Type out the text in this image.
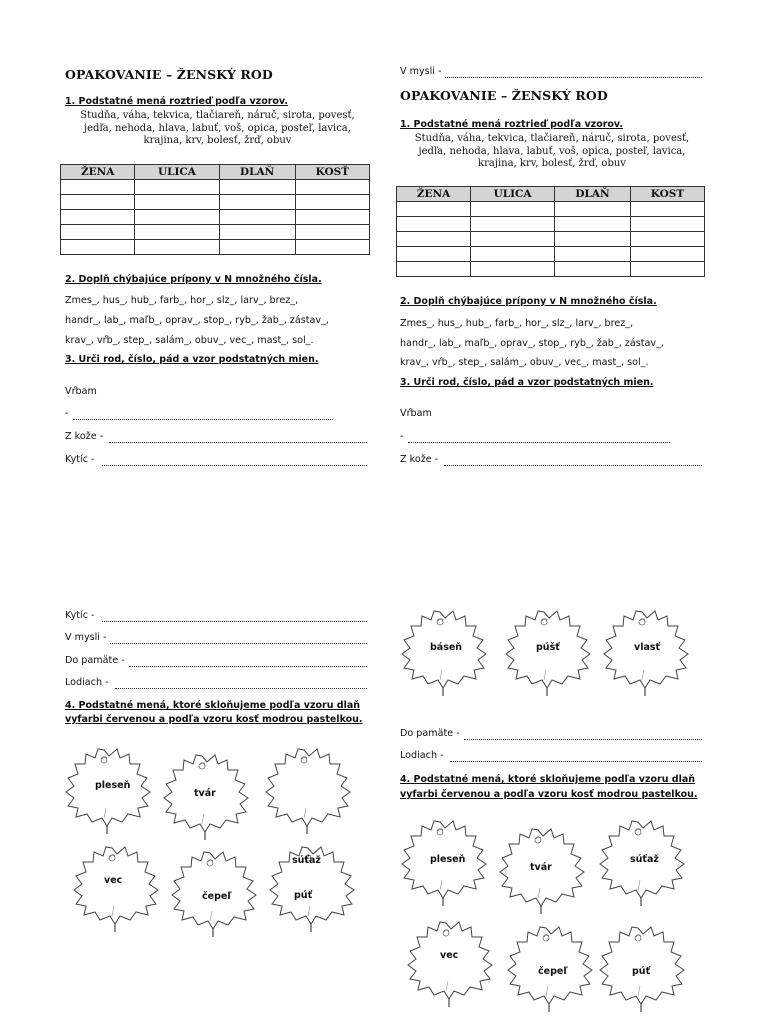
OPAKOVANIE – ŽENSKÝ ROD
1. Podstatné mená roztrieď podľa vzorov.
Studňa, váha, tekvica, tlačiareň, náruč, sirota, povesť,
jedľa, nehoda, hlava, labuť, voš, opica, posteľ, lavica,
krajina, krv, bolesť, žrď, obuv
ŽENA	ULICA	DLAŇ	KOSŤ

2. Doplň chýbajúce prípony v N množného čísla.
Zmes_, hus_, hub_, farb_, hor_, slz_, larv_, brez_,
handr_, lab_, maľb_, oprav_, stop_, ryb_, žab_, zástav_,
krav_, vŕb_, step_, salám_, obuv_, vec_, mast_, sol_.
3. Urči rod, číslo, pád a vzor podstatných mien.
Vŕbam
-
Z kože -
Kytíc -
Kytíc -
V mysli -
Do pamäte -
Lodiach -
4. Podstatné mená, ktoré skloňujeme podľa vzoru dlaň
vyfarbi červenou a podľa vzoru kosť modrou pastelkou.
pleseň
tvár
vec
čepeľ
súťaž
púť
V mysli -
OPAKOVANIE – ŽENSKÝ ROD
1. Podstatné mená roztrieď podľa vzorov.
Studňa, váha, tekvica, tlačiareň, náruč, sirota, povesť,
jedľa, nehoda, hlava, labuť, voš, opica, posteľ, lavica,
krajina, krv, bolesť, žrď, obuv
ŽENA	ULICA	DLAŇ	KOST

2. Doplň chýbajúce prípony v N množného čísla.
Zmes_, hus_, hub_, farb_, hor_, slz_, larv_, brez_,
handr_, lab_, maľb_, oprav_, stop_, ryb_, žab_, zástav_,
krav_, vŕb_, step_, salám_, obuv_, vec_, mast_, sol_.
3. Urči rod, číslo, pád a vzor podstatných mien.
Vŕbam
-
Z kože -
báseň	púšť	vlasť
Do pamäte -
Lodiach -
4. Podstatné mená, ktoré skloňujeme podľa vzoru dlaň
vyfarbi červenou a podľa vzoru kosť modrou pastelkou.
pleseň
tvár
súťaž
vec
čepeľ	púť
